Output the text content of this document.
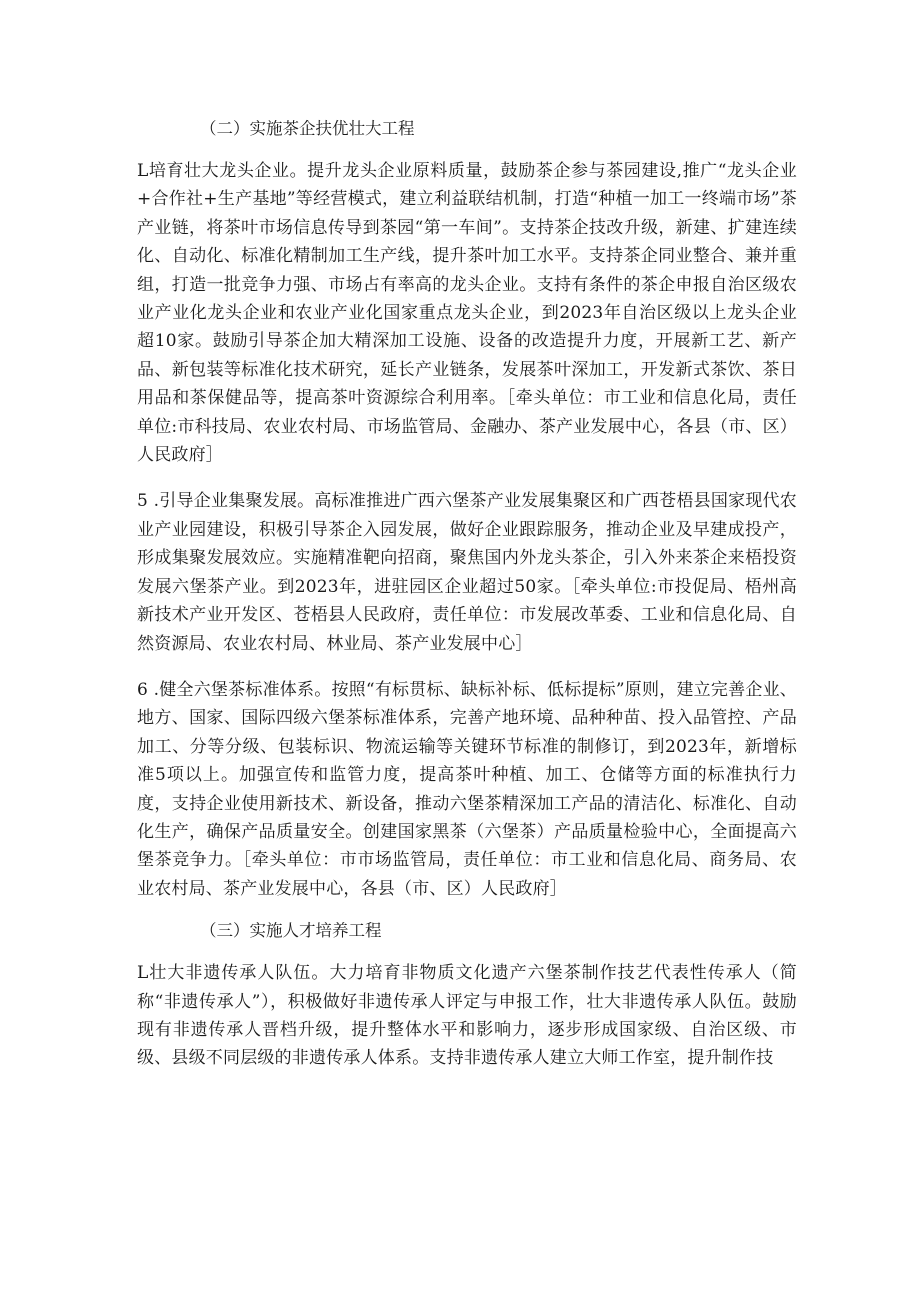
（二）实施茶企扶优壮大工程

L培育壮大龙头企业。提升龙头企业原料质量，鼓励茶企参与茶园建设,推广“龙头企业+合作社+生产基地”等经营模式，建立利益联结机制，打造“种植一加工一终端市场”茶产业链，将茶叶市场信息传导到茶园“第一车间”。支持茶企技改升级，新建、扩建连续化、自动化、标准化精制加工生产线，提升茶叶加工水平。支持茶企同业整合、兼并重组，打造一批竞争力强、市场占有率高的龙头企业。支持有条件的茶企申报自治区级农业产业化龙头企业和农业产业化国家重点龙头企业，到2023年自治区级以上龙头企业超10家。鼓励引导茶企加大精深加工设施、设备的改造提升力度，开展新工艺、新产品、新包装等标准化技术研究，延长产业链条，发展茶叶深加工，开发新式茶饮、茶日用品和茶保健品等，提高茶叶资源综合利用率。［牵头单位：市工业和信息化局，责任单位:市科技局、农业农村局、市场监管局、金融办、茶产业发展中心，各县（市、区）人民政府］

5 .引导企业集聚发展。高标准推进广西六堡茶产业发展集聚区和广西苍梧县国家现代农业产业园建设，积极引导茶企入园发展，做好企业跟踪服务，推动企业及早建成投产，形成集聚发展效应。实施精准靶向招商，聚焦国内外龙头茶企，引入外来茶企来梧投资发展六堡茶产业。到2023年，进驻园区企业超过50家。［牵头单位:市投促局、梧州高新技术产业开发区、苍梧县人民政府，责任单位：市发展改革委、工业和信息化局、自然资源局、农业农村局、林业局、茶产业发展中心］

6 .健全六堡茶标准体系。按照“有标贯标、缺标补标、低标提标”原则，建立完善企业、地方、国家、国际四级六堡茶标准体系，完善产地环境、品种种苗、投入品管控、产品加工、分等分级、包装标识、物流运输等关键环节标准的制修订，到2023年，新增标准5项以上。加强宣传和监管力度，提高茶叶种植、加工、仓储等方面的标准执行力度，支持企业使用新技术、新设备，推动六堡茶精深加工产品的清洁化、标准化、自动化生产，确保产品质量安全。创建国家黑茶（六堡茶）产品质量检验中心，全面提高六堡茶竞争力。［牵头单位：市市场监管局，责任单位：市工业和信息化局、商务局、农业农村局、茶产业发展中心，各县（市、区）人民政府］

（三）实施人才培养工程

L壮大非遗传承人队伍。大力培育非物质文化遗产六堡茶制作技艺代表性传承人（简称“非遗传承人”），积极做好非遗传承人评定与申报工作，壮大非遗传承人队伍。鼓励现有非遗传承人晋档升级，提升整体水平和影响力，逐步形成国家级、自治区级、市级、县级不同层级的非遗传承人体系。支持非遗传承人建立大师工作室，提升制作技
